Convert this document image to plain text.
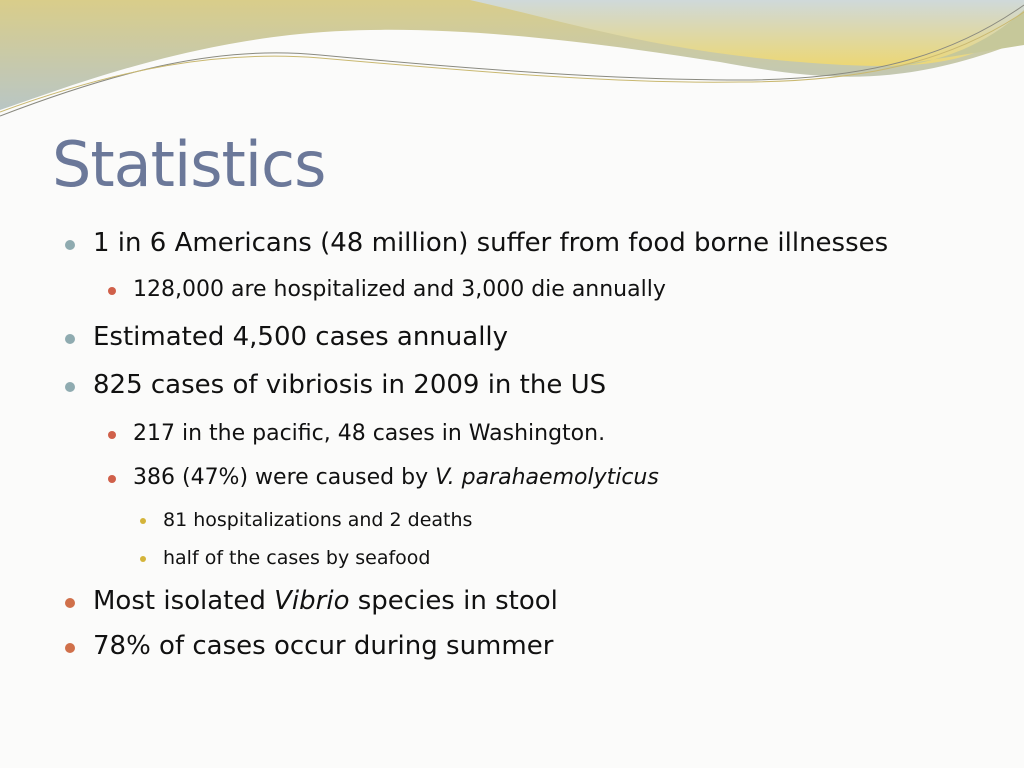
Statistics
1 in 6 Americans (48 million) suffer from food borne illnesses
128,000 are hospitalized and 3,000 die annually
Estimated 4,500 cases annually
825 cases of vibriosis in 2009 in the US
217 in the pacific, 48 cases in Washington.
386 (47%) were caused by V. parahaemolyticus
81 hospitalizations and 2 deaths
half of the cases by seafood
Most isolated Vibrio species in stool
78% of cases occur during summer
